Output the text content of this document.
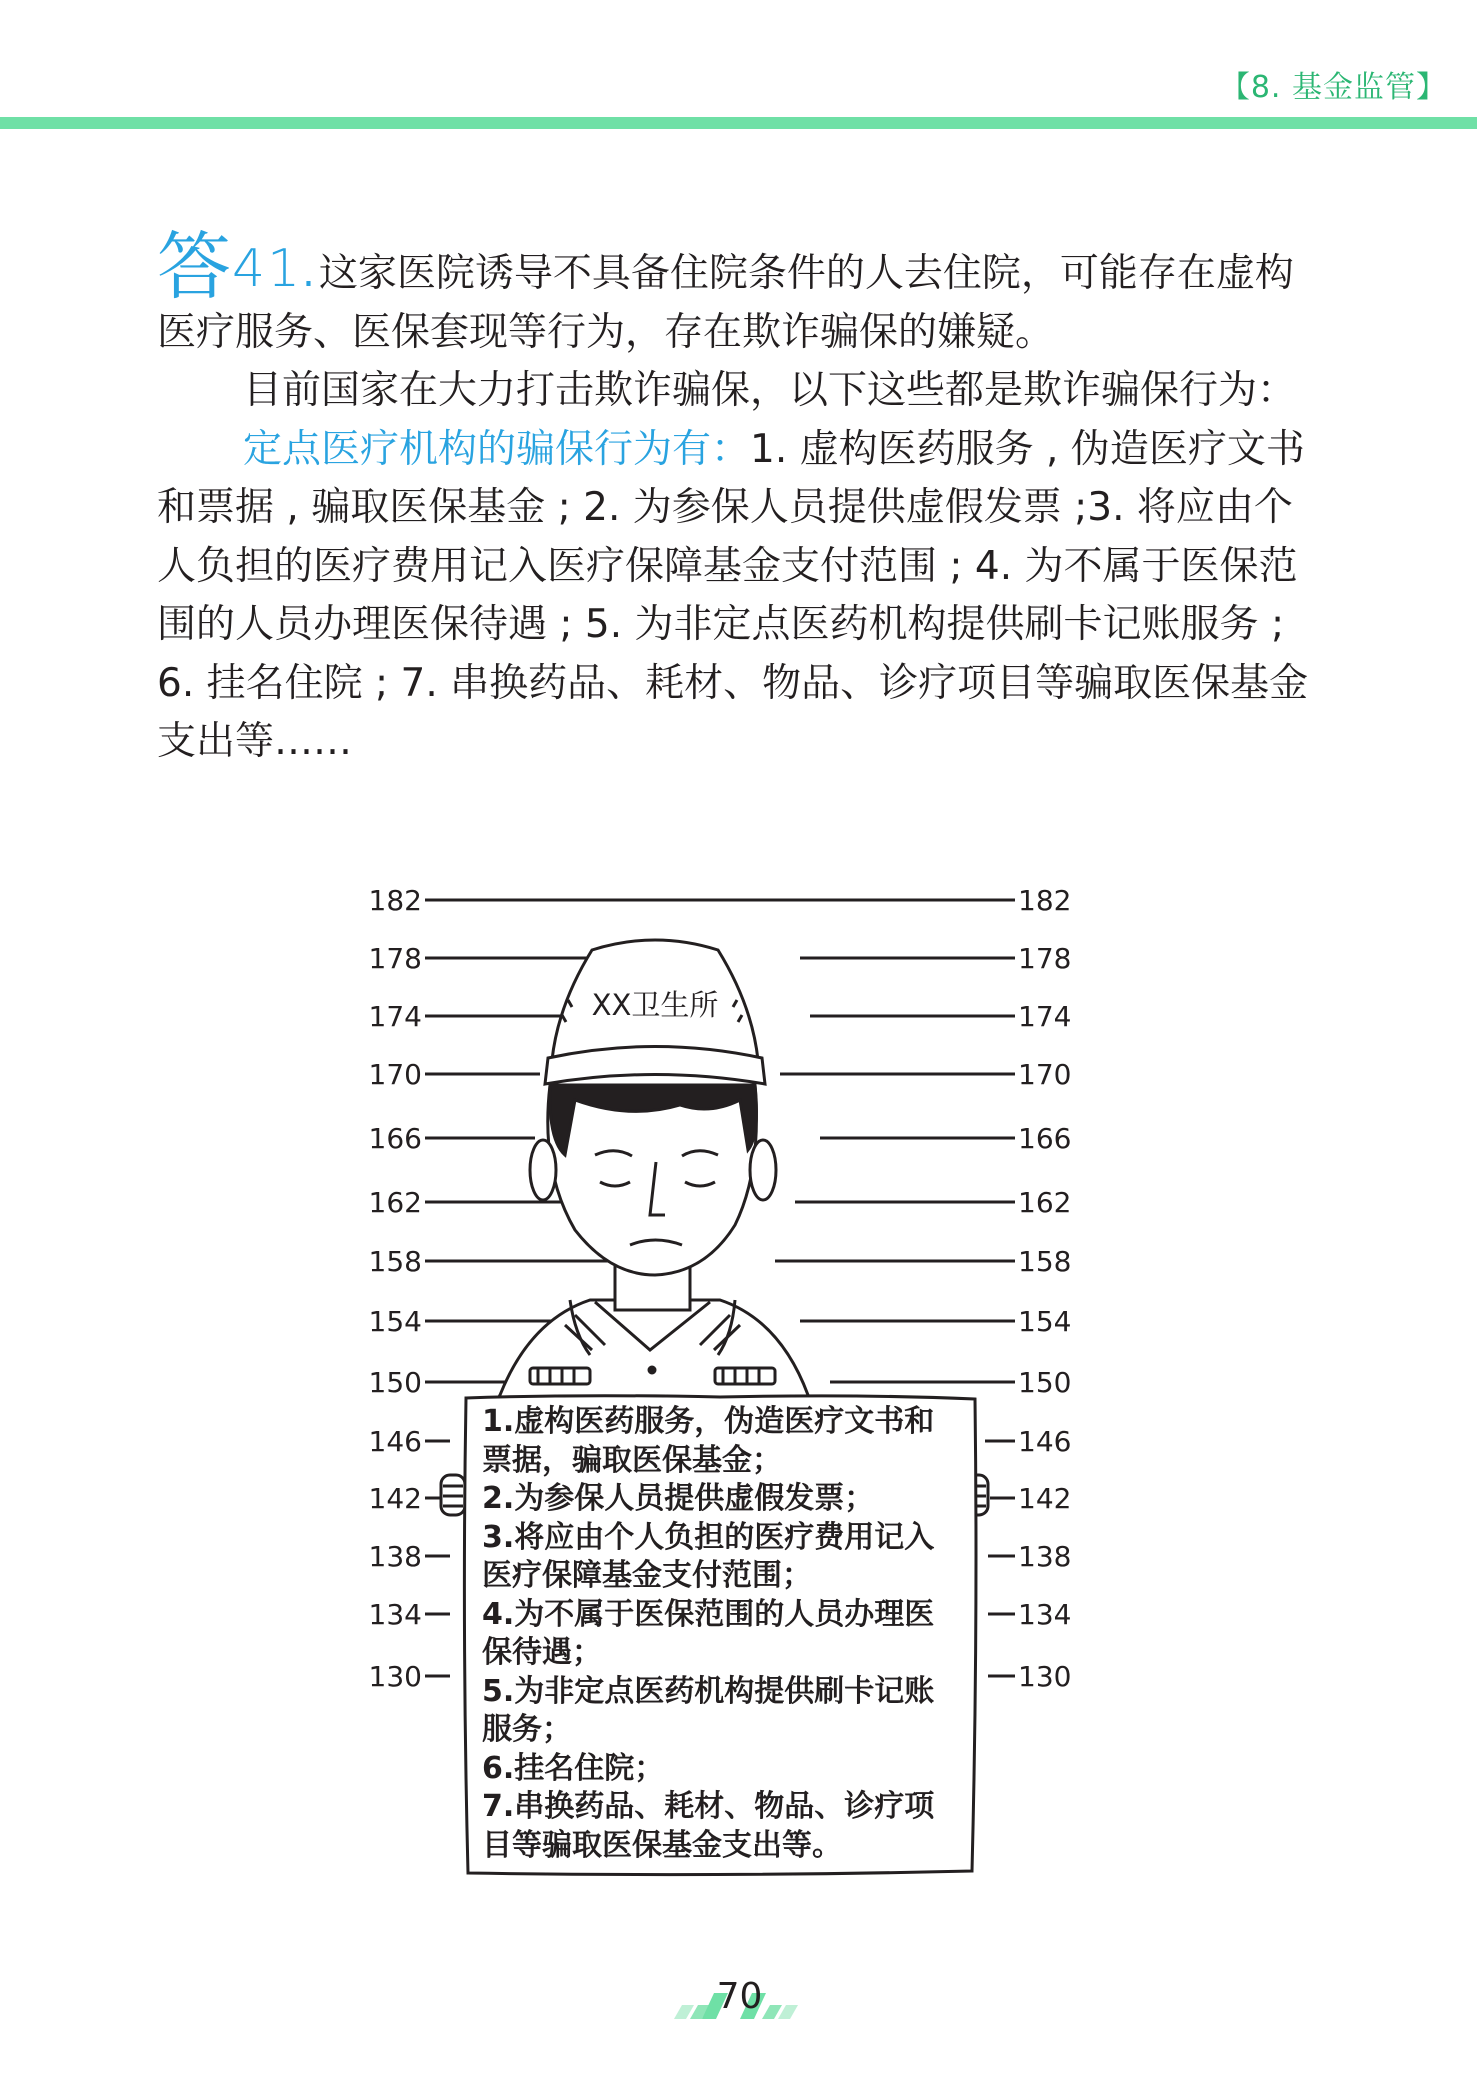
【8. 基金监管】

答41. 这家医院诱导不具备住院条件的人去住院，可能存在虚构医疗服务、医保套现等行为，存在欺诈骗保的嫌疑。

目前国家在大力打击欺诈骗保，以下这些都是欺诈骗保行为：

定点医疗机构的骗保行为有：1. 虚构医药服务 , 伪造医疗文书和票据 , 骗取医保基金 ; 2. 为参保人员提供虚假发票 ;3. 将应由个人负担的医疗费用记入医疗保障基金支付范围 ; 4. 为不属于医保范围的人员办理医保待遇 ; 5. 为非定点医药机构提供刷卡记账服务 ; 6. 挂名住院 ; 7. 串换药品、耗材、物品、诊疗项目等骗取医保基金支出等……

182	182
178	178
174	174
170	170
166	166
162	162
158	158
154	154
150	150
146	146
142	142
138	138
134	134
130	130
XX卫生所
1.虚构医药服务，伪造医疗文书和
票据，骗取医保基金；
2.为参保人员提供虚假发票；
3.将应由个人负担的医疗费用记入
医疗保障基金支付范围；
4.为不属于医保范围的人员办理医
保待遇；
5.为非定点医药机构提供刷卡记账
服务；
6.挂名住院；
7.串换药品、耗材、物品、诊疗项
目等骗取医保基金支出等。
70
